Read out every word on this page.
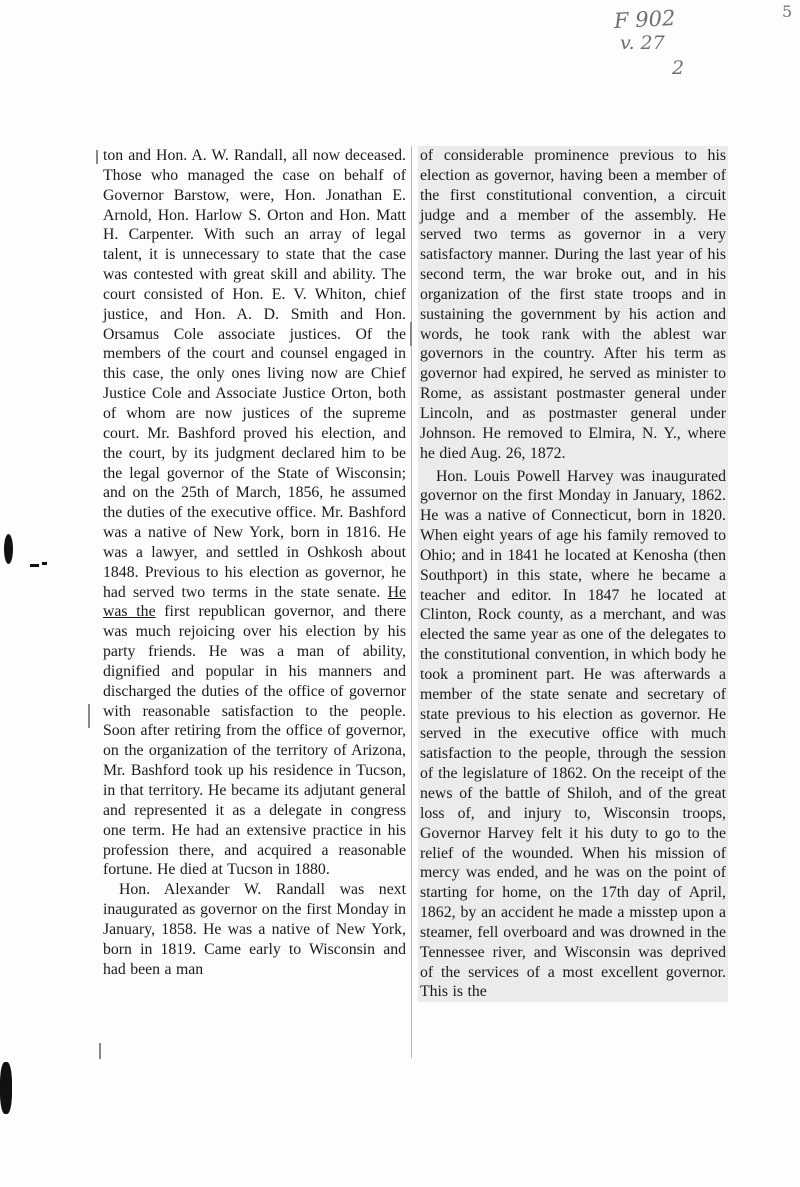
F 902
v. 27
2
5

ton and Hon. A. W. Randall, all now deceased. Those who managed the case on behalf of Governor Barstow, were, Hon. Jonathan E. Arnold, Hon. Harlow S. Orton and Hon. Matt H. Carpenter. With such an array of legal talent, it is unnecessary to state that the case was contested with great skill and ability. The court consisted of Hon. E. V. Whiton, chief justice, and Hon. A. D. Smith and Hon. Orsamus Cole associate justices. Of the members of the court and counsel engaged in this case, the only ones living now are Chief Justice Cole and Associate Justice Orton, both of whom are now justices of the supreme court. Mr. Bashford proved his election, and the court, by its judgment declared him to be the legal governor of the State of Wisconsin; and on the 25th of March, 1856, he assumed the duties of the executive office. Mr. Bashford was a native of New York, born in 1816. He was a lawyer, and settled in Oshkosh about 1848. Previous to his election as governor, he had served two terms in the state senate. He was the first republican governor, and there was much rejoicing over his election by his party friends. He was a man of ability, dignified and popular in his manners and discharged the duties of the office of governor with reasonable satisfaction to the people. Soon after retiring from the office of governor, on the organization of the territory of Arizona, Mr. Bashford took up his residence in Tucson, in that territory. He became its adjutant general and represented it as a delegate in congress one term. He had an extensive practice in his profession there, and acquired a reasonable fortune. He died at Tucson in 1880.

Hon. Alexander W. Randall was next inaugurated as governor on the first Monday in January, 1858. He was a native of New York, born in 1819. Came early to Wisconsin and had been a man

of considerable prominence previous to his election as governor, having been a member of the first constitutional convention, a circuit judge and a member of the assembly. He served two terms as governor in a very satisfactory manner. During the last year of his second term, the war broke out, and in his organization of the first state troops and in sustaining the government by his action and words, he took rank with the ablest war governors in the country. After his term as governor had expired, he served as minister to Rome, as assistant postmaster general under Lincoln, and as postmaster general under Johnson. He removed to Elmira, N. Y., where he died Aug. 26, 1872.

Hon. Louis Powell Harvey was inaugurated governor on the first Monday in January, 1862. He was a native of Connecticut, born in 1820. When eight years of age his family removed to Ohio; and in 1841 he located at Kenosha (then Southport) in this state, where he became a teacher and editor. In 1847 he located at Clinton, Rock county, as a merchant, and was elected the same year as one of the delegates to the constitutional convention, in which body he took a prominent part. He was afterwards a member of the state senate and secretary of state previous to his election as governor. He served in the executive office with much satisfaction to the people, through the session of the legislature of 1862. On the receipt of the news of the battle of Shiloh, and of the great loss of, and injury to, Wisconsin troops, Governor Harvey felt it his duty to go to the relief of the wounded. When his mission of mercy was ended, and he was on the point of starting for home, on the 17th day of April, 1862, by an accident he made a misstep upon a steamer, fell overboard and was drowned in the Tennessee river, and Wisconsin was deprived of the services of a most excellent governor. This is the
